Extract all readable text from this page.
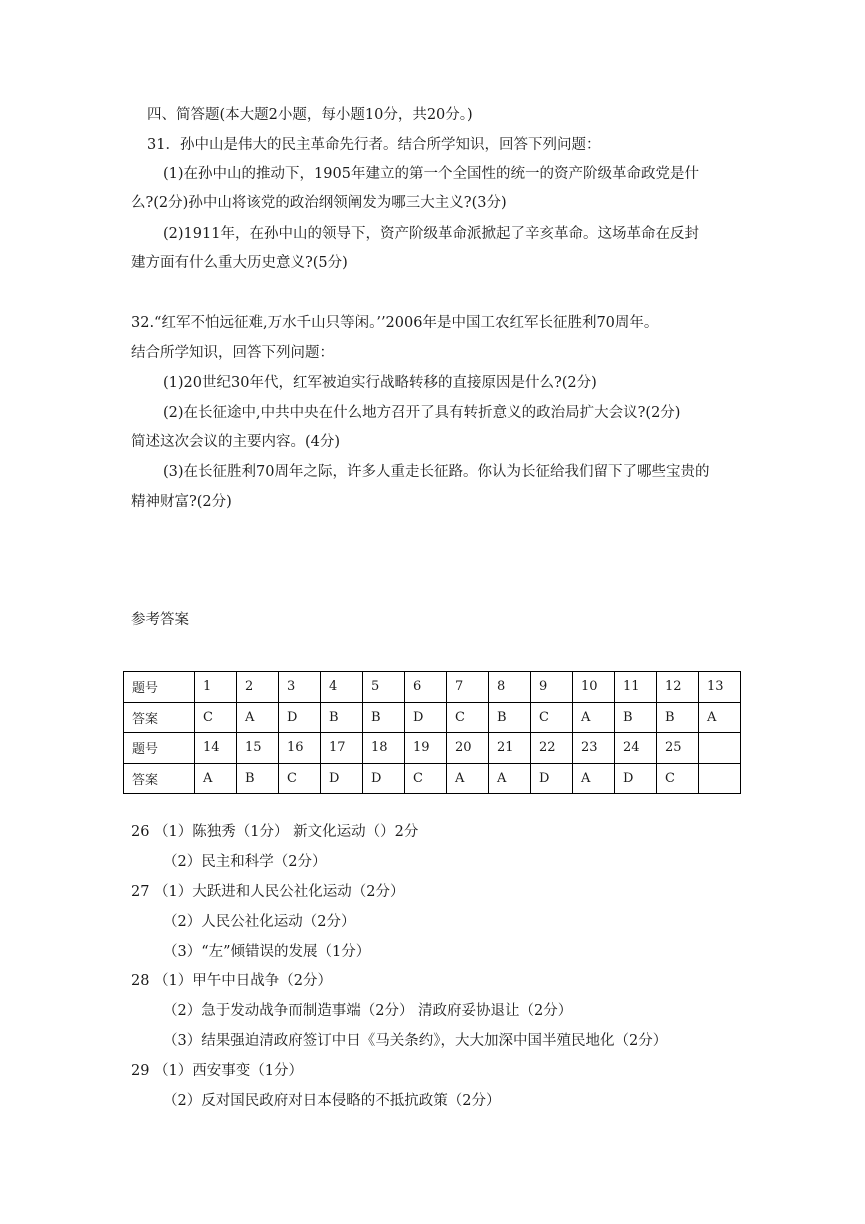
四、简答题(本大题2小题，每小题10分，共20分。)
31．孙中山是伟大的民主革命先行者。结合所学知识，回答下列问题：
(1)在孙中山的推动下，1905年建立的第一个全国性的统一的资产阶级革命政党是什
么?(2分)孙中山将该党的政治纲领阐发为哪三大主义?(3分)
(2)1911年，在孙中山的领导下，资产阶级革命派掀起了辛亥革命。这场革命在反封
建方面有什么重大历史意义?(5分)
32.“红军不怕远征难,万水千山只等闲。’’2006年是中国工农红军长征胜利70周年。
结合所学知识，回答下列问题：
(1)20世纪30年代，红军被迫实行战略转移的直接原因是什么?(2分)
(2)在长征途中,中共中央在什么地方召开了具有转折意义的政治局扩大会议?(2分)
简述这次会议的主要内容。(4分)
(3)在长征胜利70周年之际，许多人重走长征路。你认为长征给我们留下了哪些宝贵的
精神财富?(2分)
参考答案
题号	1	2	3	4	5	6	7	8	9	10	11	12	13
答案	C	A	D	B	B	D	C	B	C	A	B	B	A
题号	14	15	16	17	18	19	20	21	22	23	24	25	
答案	A	B	C	D	D	C	A	A	D	A	D	C	
26 （1）陈独秀（1分） 新文化运动（）2分
（2）民主和科学（2分）
27 （1）大跃进和人民公社化运动（2分）
（2）人民公社化运动（2分）
（3）“左”倾错误的发展（1分）
28 （1）甲午中日战争（2分）
（2）急于发动战争而制造事端（2分） 清政府妥协退让（2分）
（3）结果强迫清政府签订中日《马关条约》，大大加深中国半殖民地化（2分）
29 （1）西安事变（1分）
（2）反对国民政府对日本侵略的不抵抗政策（2分）
